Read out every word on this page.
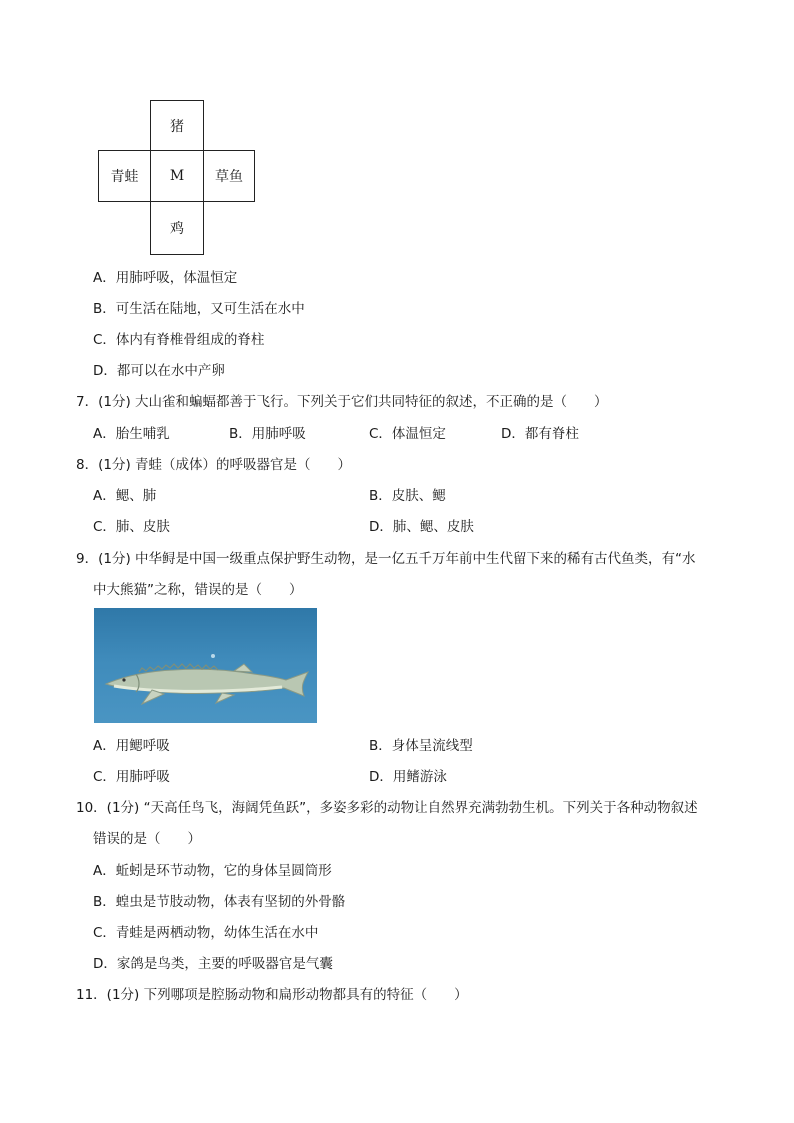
猪
青蛙	M	草鱼
鸡
A．用肺呼吸，体温恒定
B．可生活在陆地，又可生活在水中
C．体内有脊椎骨组成的脊柱
D．都可以在水中产卵
7．(1分) 大山雀和蝙蝠都善于飞行。下列关于它们共同特征的叙述，不正确的是（　　）
A．胎生哺乳	B．用肺呼吸	C．体温恒定	D．都有脊柱
8．(1分) 青蛙（成体）的呼吸器官是（　　）
A．鳃、肺	B．皮肤、鳃
C．肺、皮肤	D．肺、鳃、皮肤
9．(1分) 中华鲟是中国一级重点保护野生动物，是一亿五千万年前中生代留下来的稀有古代鱼类，有“水
中大熊猫”之称，错误的是（　　）
A．用鳃呼吸	B．身体呈流线型
C．用肺呼吸	D．用鳍游泳
10．(1分) “天高任鸟飞，海阔凭鱼跃”，多姿多彩的动物让自然界充满勃勃生机。下列关于各种动物叙述
错误的是（　　）
A．蚯蚓是环节动物，它的身体呈圆筒形
B．蝗虫是节肢动物，体表有坚韧的外骨骼
C．青蛙是两栖动物，幼体生活在水中
D．家鸽是鸟类，主要的呼吸器官是气囊
11．(1分) 下列哪项是腔肠动物和扁形动物都具有的特征（　　）
